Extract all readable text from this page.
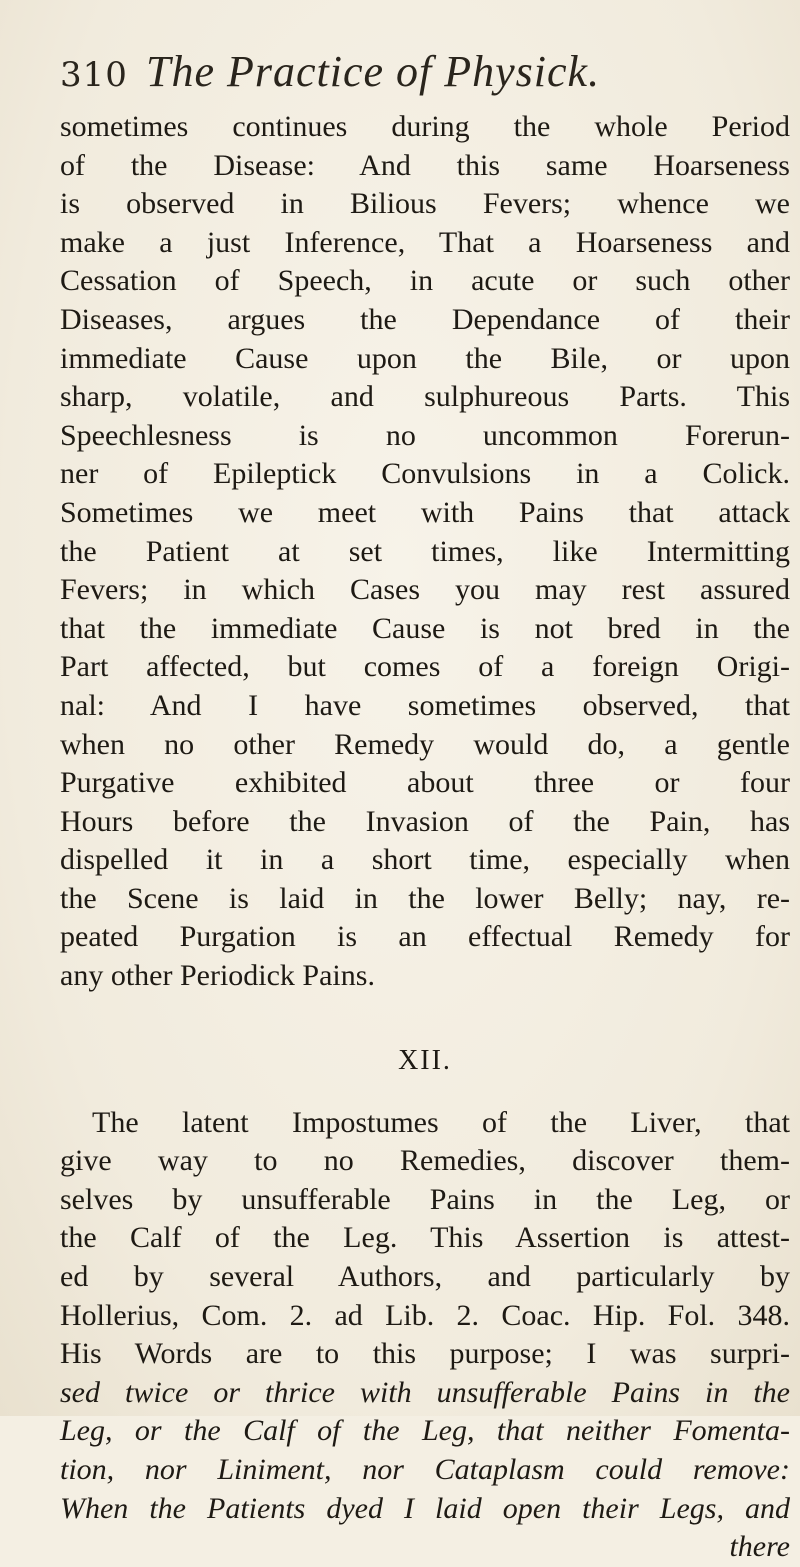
310 The Practice of Physick.
sometimes continues during the whole Period
of the Disease: And this same Hoarseness
is observed in Bilious Fevers; whence we
make a just Inference, That a Hoarseness and
Cessation of Speech, in acute or such other
Diseases, argues the Dependance of their
immediate Cause upon the Bile, or upon
sharp, volatile, and sulphureous Parts. This
Speechlesness is no uncommon Forerun-
ner of Epileptick Convulsions in a Colick.
Sometimes we meet with Pains that attack
the Patient at set times, like Intermitting
Fevers; in which Cases you may rest assured
that the immediate Cause is not bred in the
Part affected, but comes of a foreign Origi-
nal: And I have sometimes observed, that
when no other Remedy would do, a gentle
Purgative exhibited about three or four
Hours before the Invasion of the Pain, has
dispelled it in a short time, especially when
the Scene is laid in the lower Belly; nay, re-
peated Purgation is an effectual Remedy for
any other Periodick Pains.
XII.
The latent Impostumes of the Liver, that
give way to no Remedies, discover them-
selves by unsufferable Pains in the Leg, or
the Calf of the Leg. This Assertion is attest-
ed by several Authors, and particularly by
Hollerius, Com. 2. ad Lib. 2. Coac. Hip. Fol. 348.
His Words are to this purpose; I was surpri-
sed twice or thrice with unsufferable Pains in the
Leg, or the Calf of the Leg, that neither Fomenta-
tion, nor Liniment, nor Cataplasm could remove:
When the Patients dyed I laid open their Legs, and
there
